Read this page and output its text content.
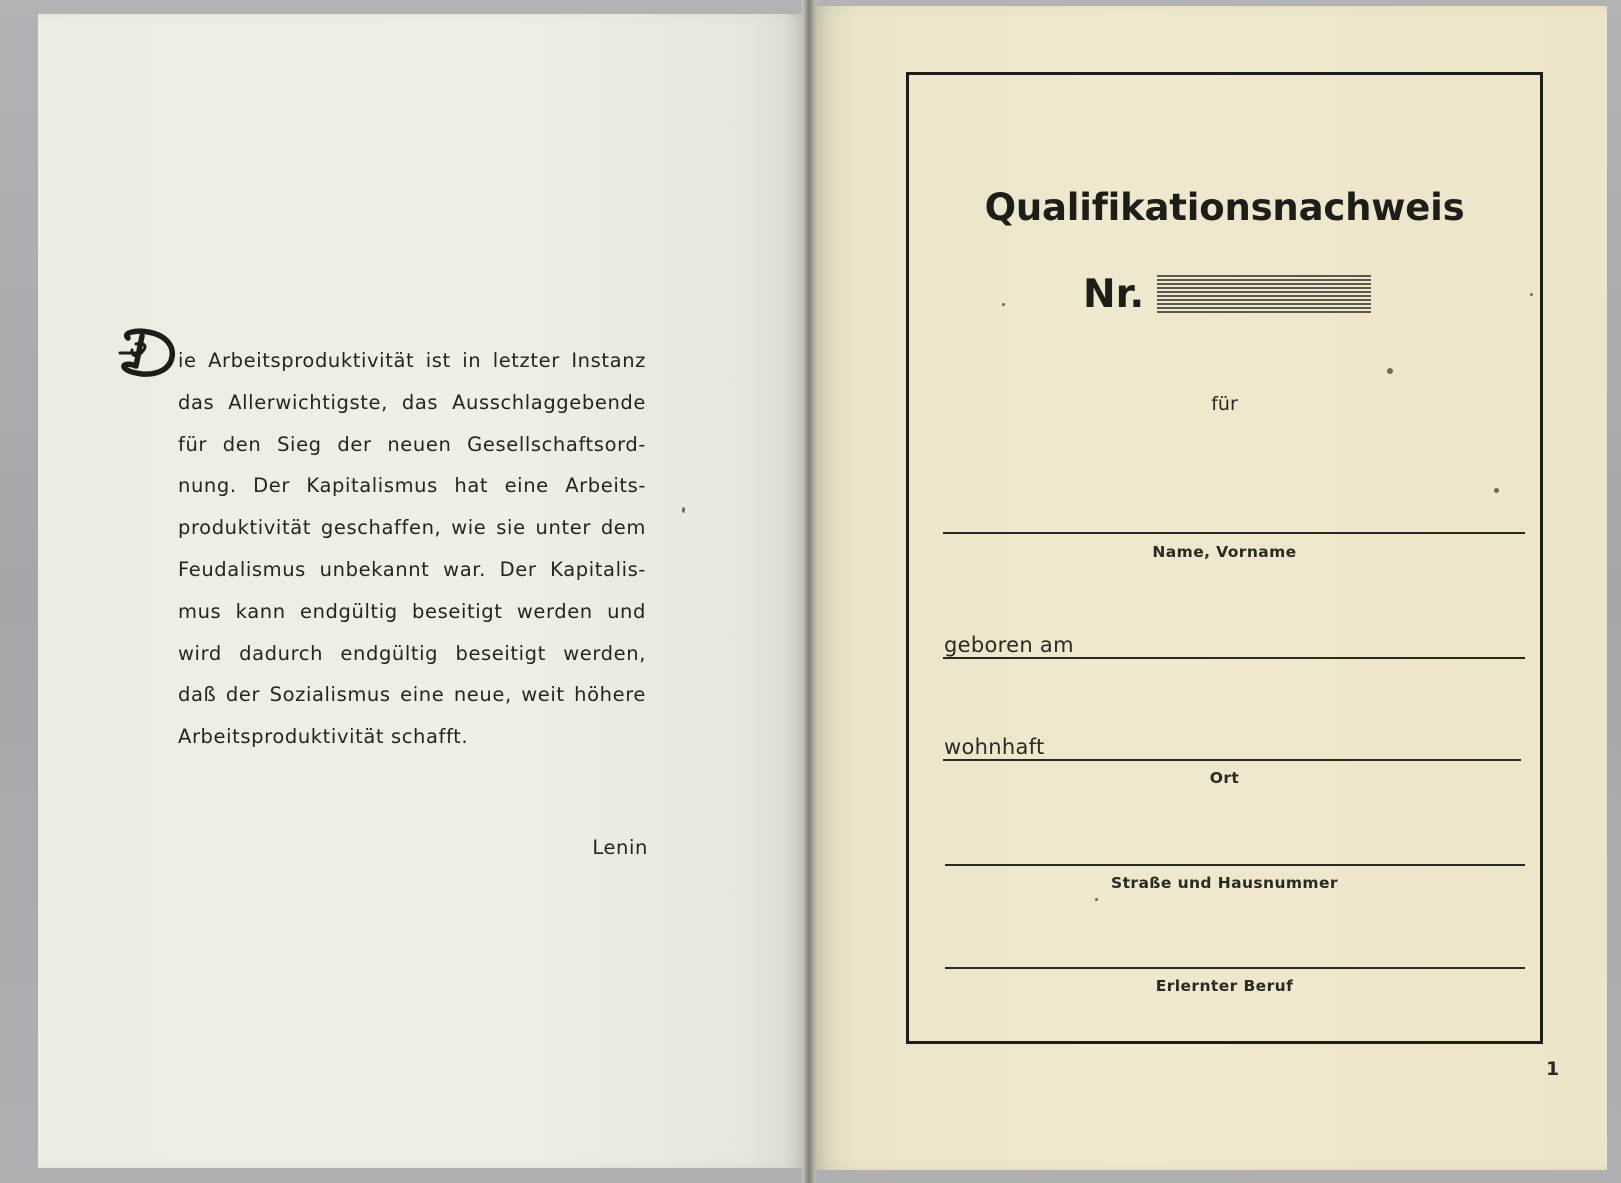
ie Arbeitsproduktivität ist in letzter Instanz
das Allerwichtigste, das Ausschlaggebende
für den Sieg der neuen Gesellschaftsord-
nung. Der Kapitalismus hat eine Arbeits-
produktivität geschaffen, wie sie unter dem
Feudalismus unbekannt war. Der Kapitalis-
mus kann endgültig beseitigt werden und
wird dadurch endgültig beseitigt werden,
daß der Sozialismus eine neue, weit höhere
Arbeitsproduktivität schafft.
Lenin
Qualifikationsnachweis
Nr.
für
Name, Vorname
geboren am
wohnhaft
Ort
Straße und Hausnummer
Erlernter Beruf
1
